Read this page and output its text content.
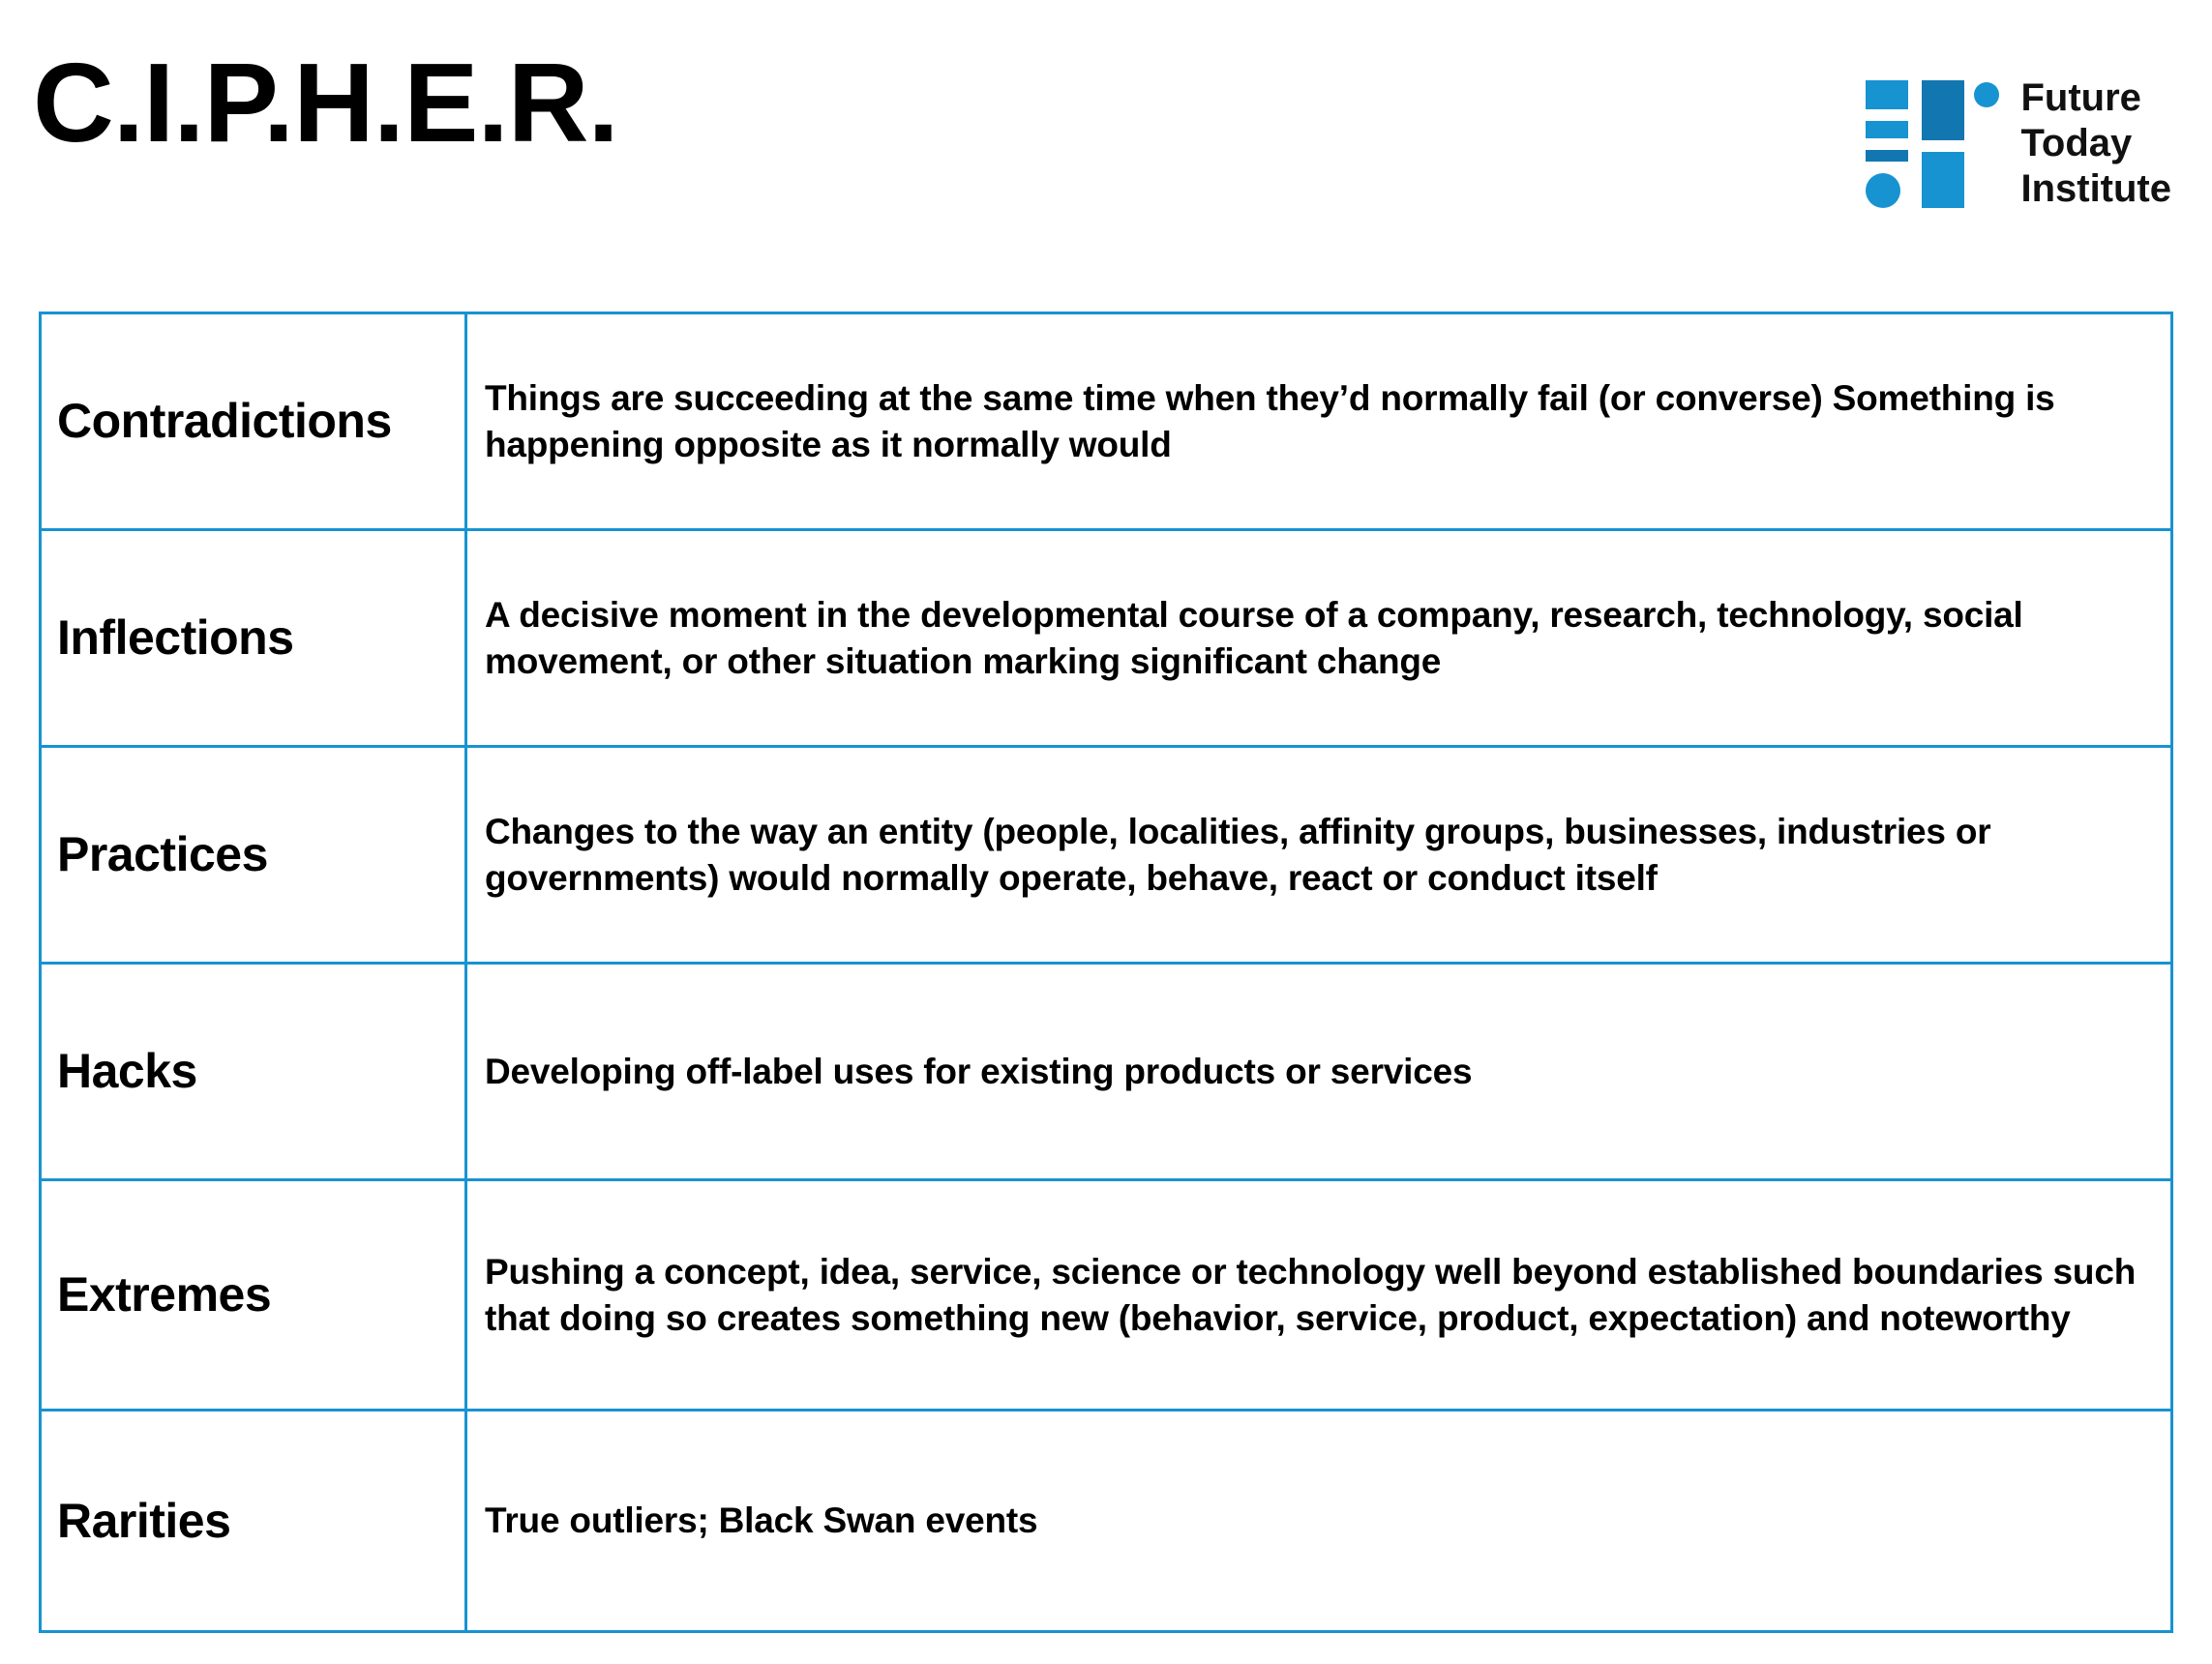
C.I.P.H.E.R.	Future
Today
Institute
Contradictions	Things are succeeding at the same time when they’d normally fail (or converse) Something is happening opposite as it normally would
Inflections	A decisive moment in the developmental course of a company, research, technology, social movement, or other situation marking significant change
Practices	Changes to the way an entity (people, localities, affinity groups, businesses, industries or governments) would normally operate, behave, react or conduct itself
Hacks	Developing off-label uses for existing products or services
Extremes	Pushing a concept, idea, service, science or technology well beyond established boundaries such that doing so creates something new (behavior, service, product, expectation) and noteworthy
Rarities	True outliers; Black Swan events
